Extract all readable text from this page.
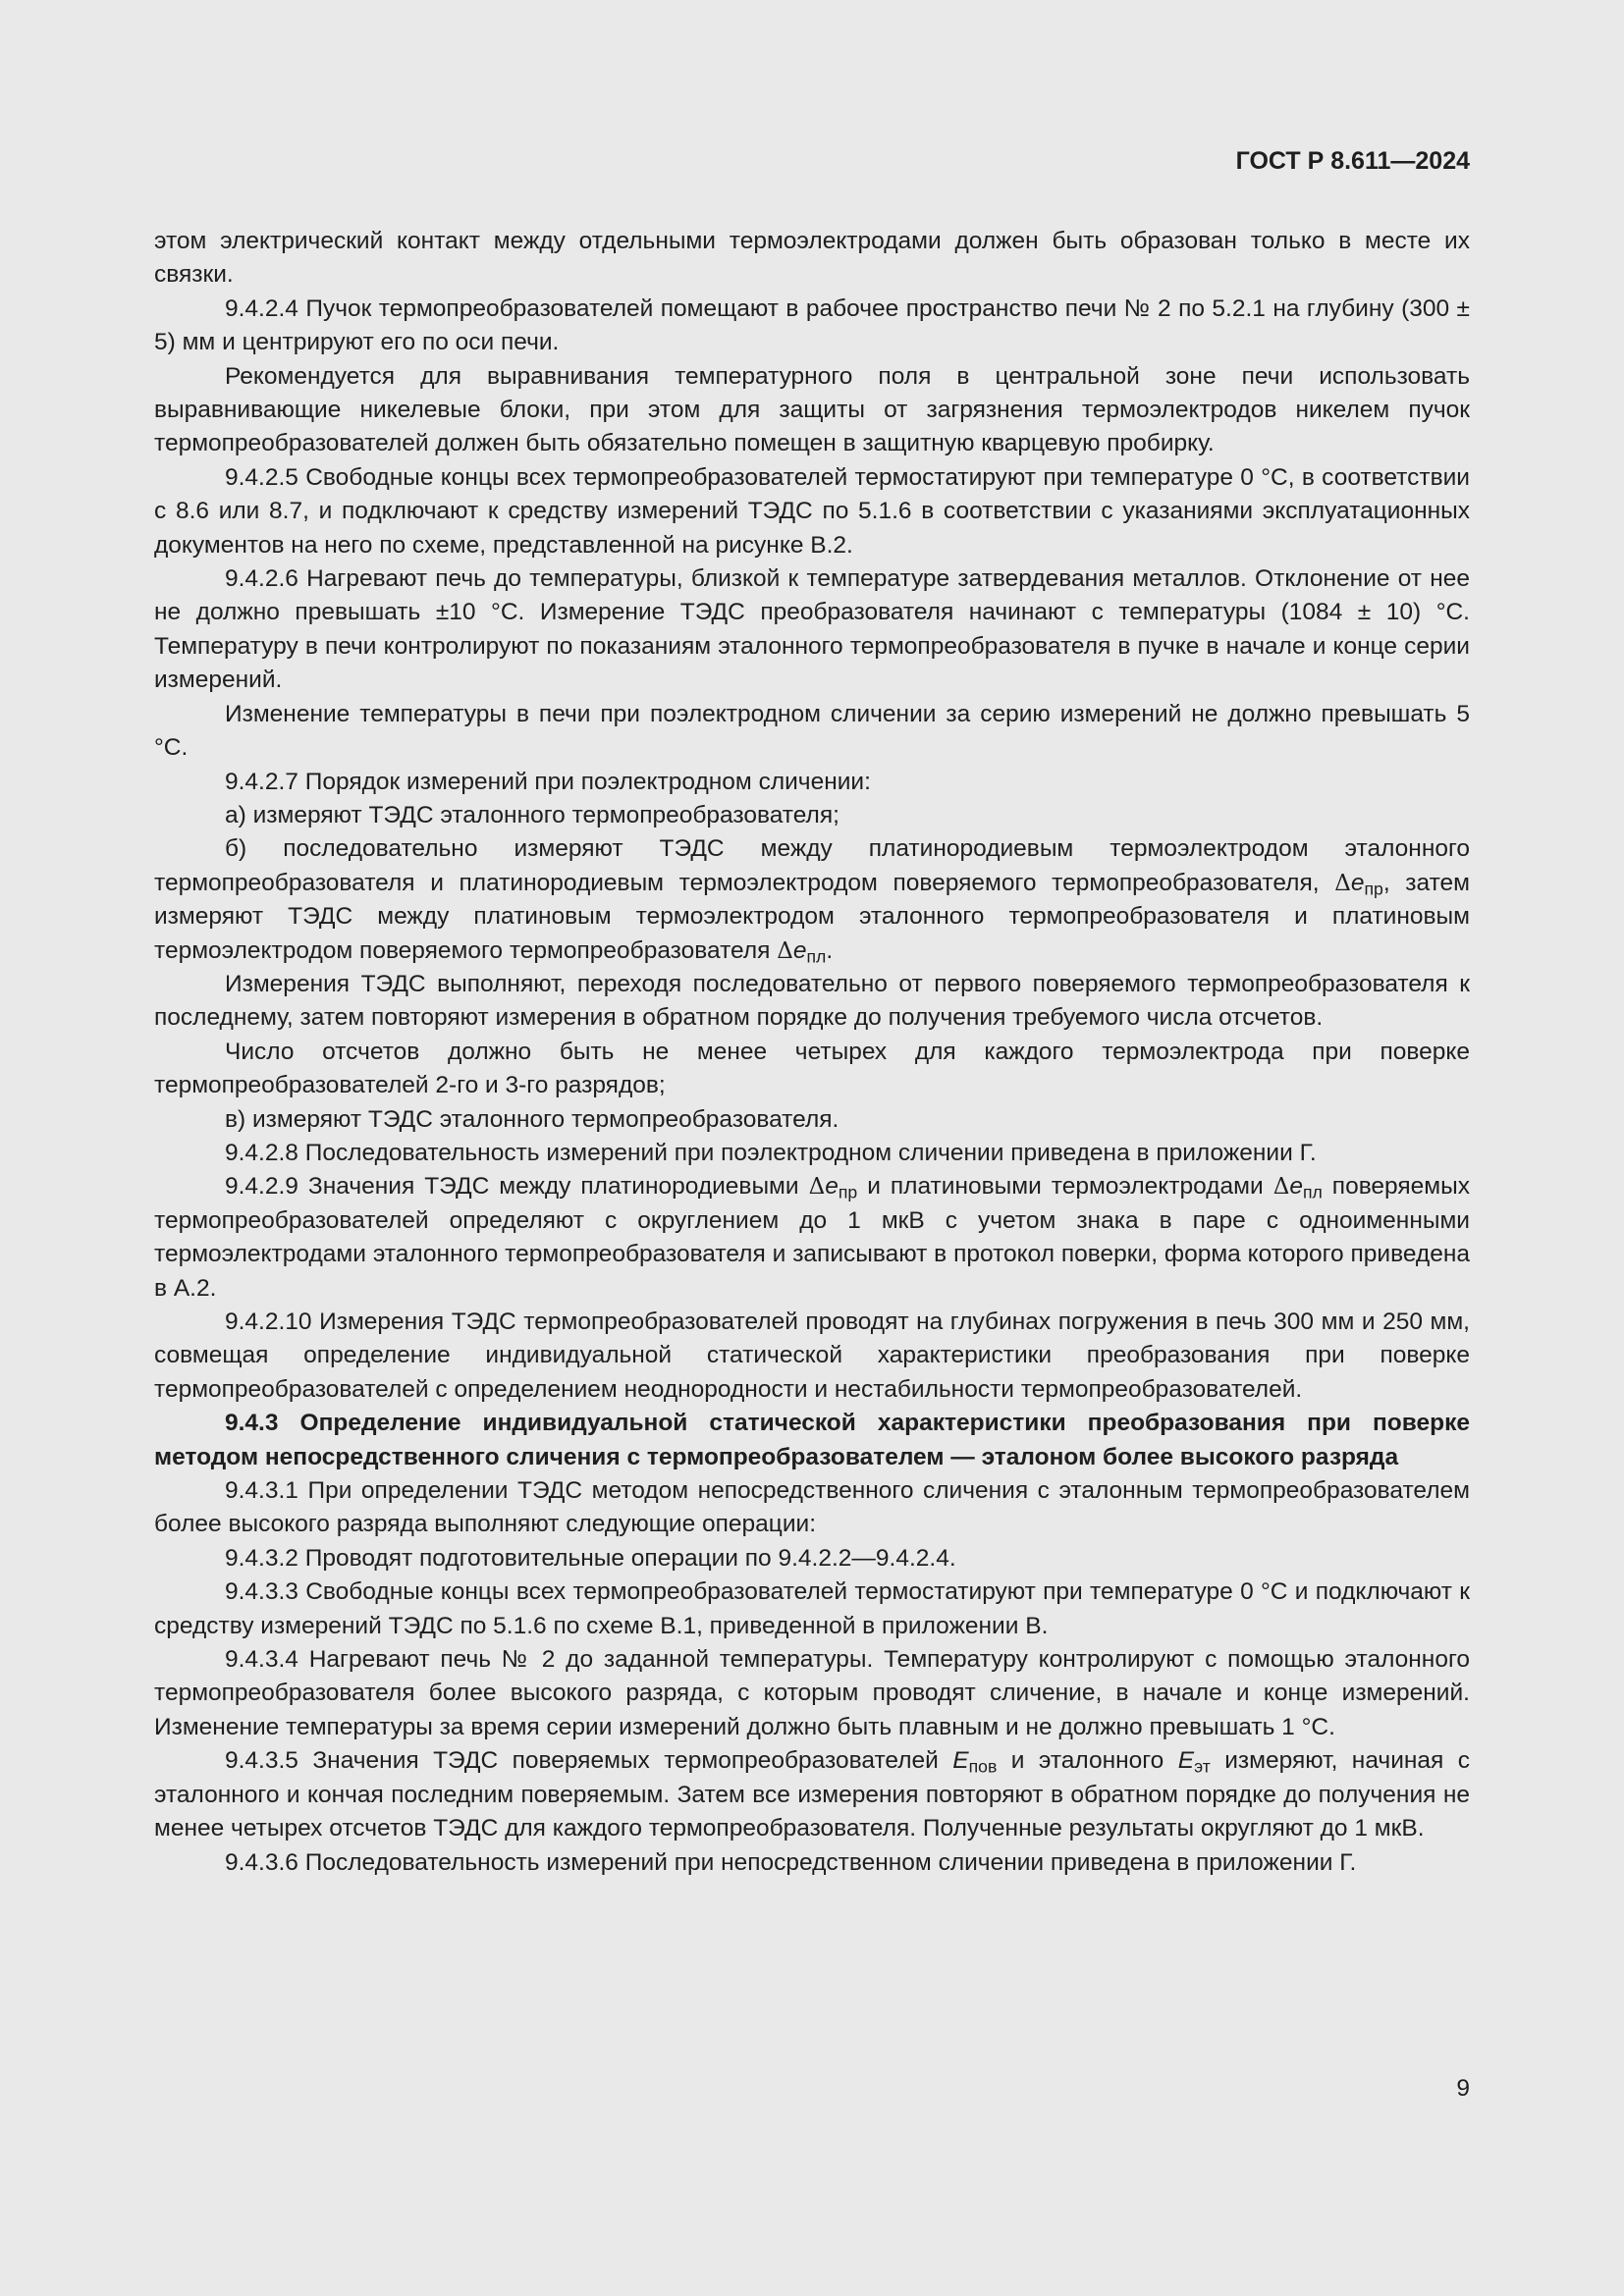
ГОСТ Р 8.611—2024

этом электрический контакт между отдельными термоэлектродами должен быть образован только в месте их связки.

9.4.2.4 Пучок термопреобразователей помещают в рабочее пространство печи № 2 по 5.2.1 на глубину (300 ± 5) мм и центрируют его по оси печи.

Рекомендуется для выравнивания температурного поля в центральной зоне печи использовать выравнивающие никелевые блоки, при этом для защиты от загрязнения термоэлектродов никелем пучок термопреобразователей должен быть обязательно помещен в защитную кварцевую пробирку.

9.4.2.5 Свободные концы всех термопреобразователей термостатируют при температуре 0 °С, в соответствии с 8.6 или 8.7, и подключают к средству измерений ТЭДС по 5.1.6 в соответствии с указаниями эксплуатационных документов на него по схеме, представленной на рисунке В.2.

9.4.2.6 Нагревают печь до температуры, близкой к температуре затвердевания металлов. Отклонение от нее не должно превышать ±10 °С. Измерение ТЭДС преобразователя начинают с температуры (1084 ± 10) °С. Температуру в печи контролируют по показаниям эталонного термопреобразователя в пучке в начале и конце серии измерений.

Изменение температуры в печи при поэлектродном сличении за серию измерений не должно превышать 5 °С.

9.4.2.7 Порядок измерений при поэлектродном сличении:

а) измеряют ТЭДС эталонного термопреобразователя;

б) последовательно измеряют ТЭДС между платинородиевым термоэлектродом эталонного термопреобразователя и платинородиевым термоэлектродом поверяемого термопреобразователя, $\Delta e_{пр}$, затем измеряют ТЭДС между платиновым термоэлектродом эталонного термопреобразователя и платиновым термоэлектродом поверяемого термопреобразователя $\Delta e_{пл}$.

Измерения ТЭДС выполняют, переходя последовательно от первого поверяемого термопреобразователя к последнему, затем повторяют измерения в обратном порядке до получения требуемого числа отсчетов.

Число отсчетов должно быть не менее четырех для каждого термоэлектрода при поверке термопреобразователей 2-го и 3-го разрядов;

в) измеряют ТЭДС эталонного термопреобразователя.

9.4.2.8 Последовательность измерений при поэлектродном сличении приведена в приложении Г.

9.4.2.9 Значения ТЭДС между платинородиевыми $\Delta e_{пр}$ и платиновыми термоэлектродами $\Delta e_{пл}$ поверяемых термопреобразователей определяют с округлением до 1 мкВ с учетом знака в паре с одноименными термоэлектродами эталонного термопреобразователя и записывают в протокол поверки, форма которого приведена в А.2.

9.4.2.10 Измерения ТЭДС термопреобразователей проводят на глубинах погружения в печь 300 мм и 250 мм, совмещая определение индивидуальной статической характеристики преобразования при поверке термопреобразователей с определением неоднородности и нестабильности термопреобразователей.

9.4.3 Определение индивидуальной статической характеристики преобразования при поверке методом непосредственного сличения с термопреобразователем — эталоном более высокого разряда

9.4.3.1 При определении ТЭДС методом непосредственного сличения с эталонным термопреобразователем более высокого разряда выполняют следующие операции:

9.4.3.2 Проводят подготовительные операции по 9.4.2.2—9.4.2.4.

9.4.3.3 Свободные концы всех термопреобразователей термостатируют при температуре 0 °С и подключают к средству измерений ТЭДС по 5.1.6 по схеме В.1, приведенной в приложении В.

9.4.3.4 Нагревают печь № 2 до заданной температуры. Температуру контролируют с помощью эталонного термопреобразователя более высокого разряда, с которым проводят сличение, в начале и конце измерений. Изменение температуры за время серии измерений должно быть плавным и не должно превышать 1 °С.

9.4.3.5 Значения ТЭДС поверяемых термопреобразователей $E_{пов}$ и эталонного $E_{эт}$ измеряют, начиная с эталонного и кончая последним поверяемым. Затем все измерения повторяют в обратном порядке до получения не менее четырех отсчетов ТЭДС для каждого термопреобразователя. Полученные результаты округляют до 1 мкВ.

9.4.3.6 Последовательность измерений при непосредственном сличении приведена в приложении Г.

9
